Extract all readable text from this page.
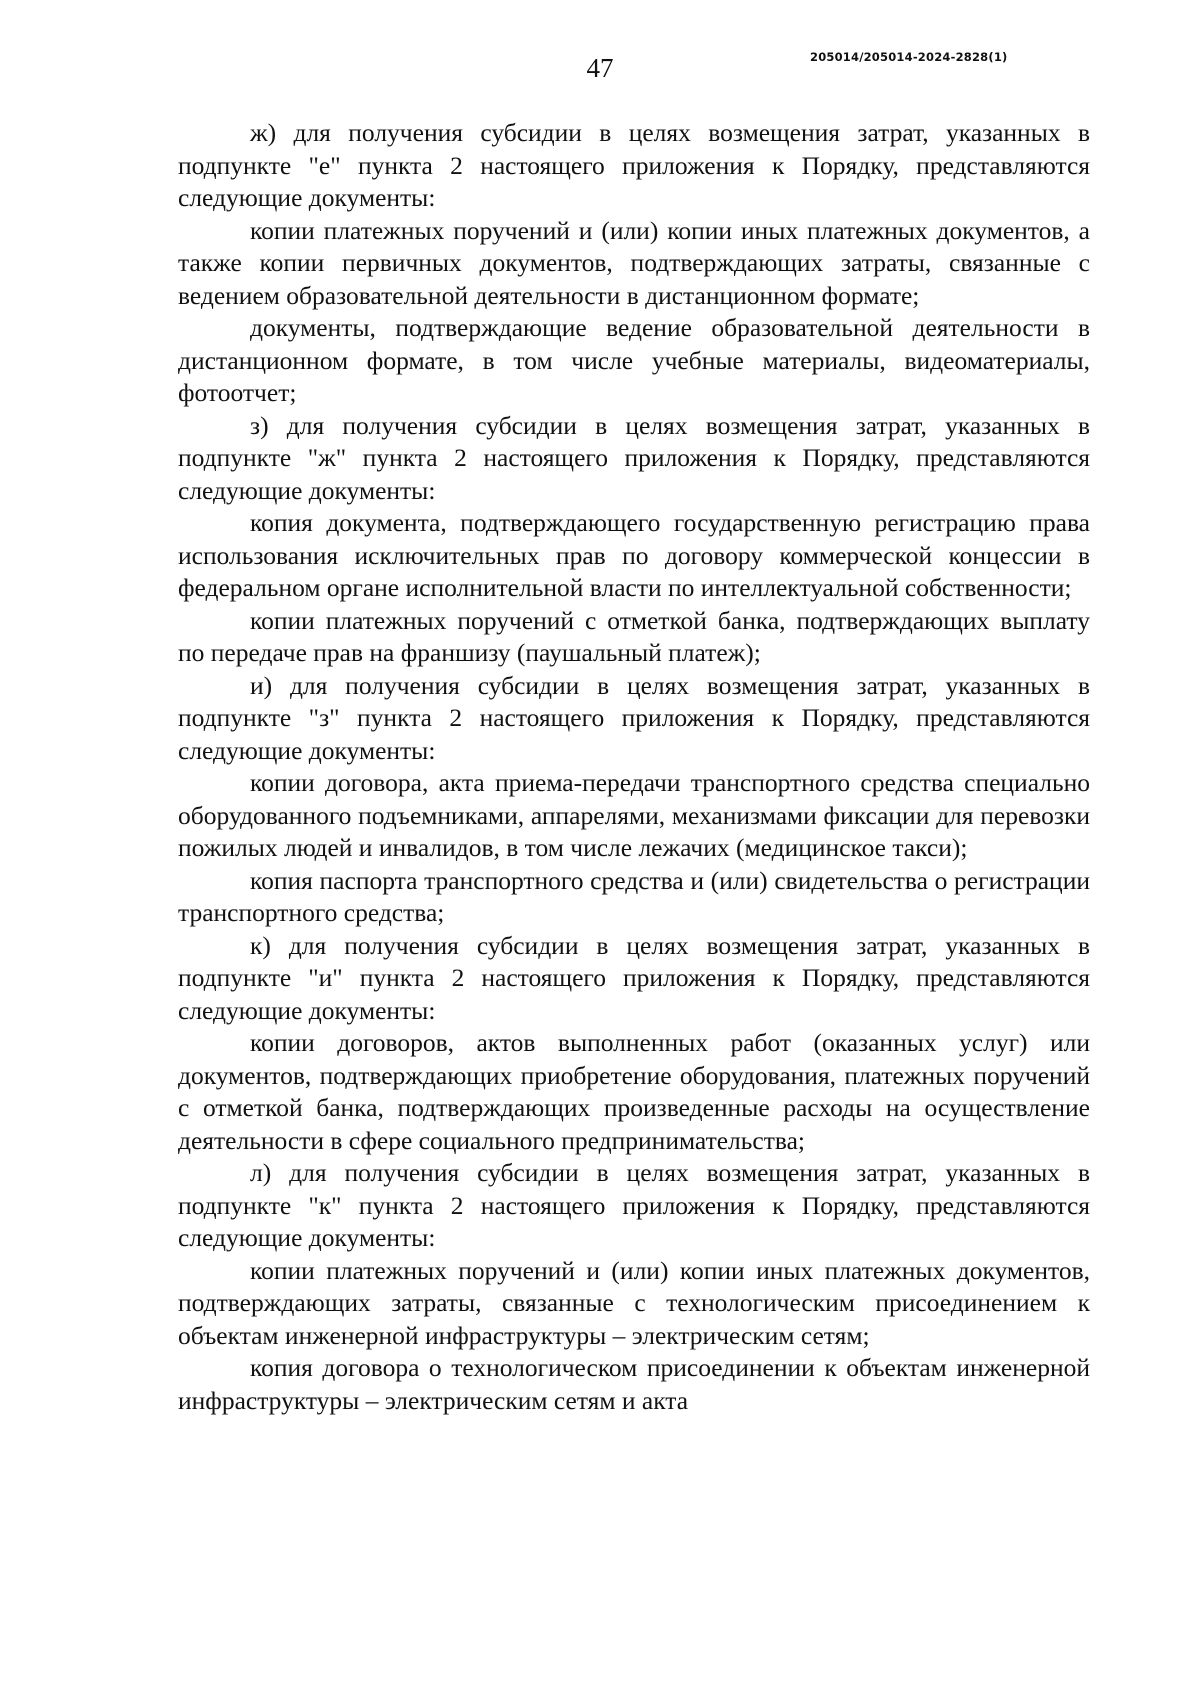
47	205014/205014-2024-2828(1)

ж) для получения субсидии в целях возмещения затрат, указанных в подпункте "е" пункта 2 настоящего приложения к Порядку, представляются следующие документы:

копии платежных поручений и (или) копии иных платежных документов, а также копии первичных документов, подтверждающих затраты, связанные с ведением образовательной деятельности в дистанционном формате;

документы, подтверждающие ведение образовательной деятельности в дистанционном формате, в том числе учебные материалы, видеоматериалы, фотоотчет;

з) для получения субсидии в целях возмещения затрат, указанных в подпункте "ж" пункта 2 настоящего приложения к Порядку, представляются следующие документы:

копия документа, подтверждающего государственную регистрацию права использования исключительных прав по договору коммерческой концессии в федеральном органе исполнительной власти по интеллектуальной собственности;

копии платежных поручений с отметкой банка, подтверждающих выплату по передаче прав на франшизу (паушальный платеж);

и) для получения субсидии в целях возмещения затрат, указанных в подпункте "з" пункта 2 настоящего приложения к Порядку, представляются следующие документы:

копии договора, акта приема-передачи транспортного средства специально оборудованного подъемниками, аппарелями, механизмами фиксации для перевозки пожилых людей и инвалидов, в том числе лежачих (медицинское такси);

копия паспорта транспортного средства и (или) свидетельства о регистрации транспортного средства;

к) для получения субсидии в целях возмещения затрат, указанных в подпункте "и" пункта 2 настоящего приложения к Порядку, представляются следующие документы:

копии договоров, актов выполненных работ (оказанных услуг) или документов, подтверждающих приобретение оборудования, платежных поручений с отметкой банка, подтверждающих произведенные расходы на осуществление деятельности в сфере социального предпринимательства;

л) для получения субсидии в целях возмещения затрат, указанных в подпункте "к" пункта 2 настоящего приложения к Порядку, представляются следующие документы:

копии платежных поручений и (или) копии иных платежных документов, подтверждающих затраты, связанные с технологическим присоединением к объектам инженерной инфраструктуры – электрическим сетям;

копия договора о технологическом присоединении к объектам инженерной инфраструктуры – электрическим сетям и акта
